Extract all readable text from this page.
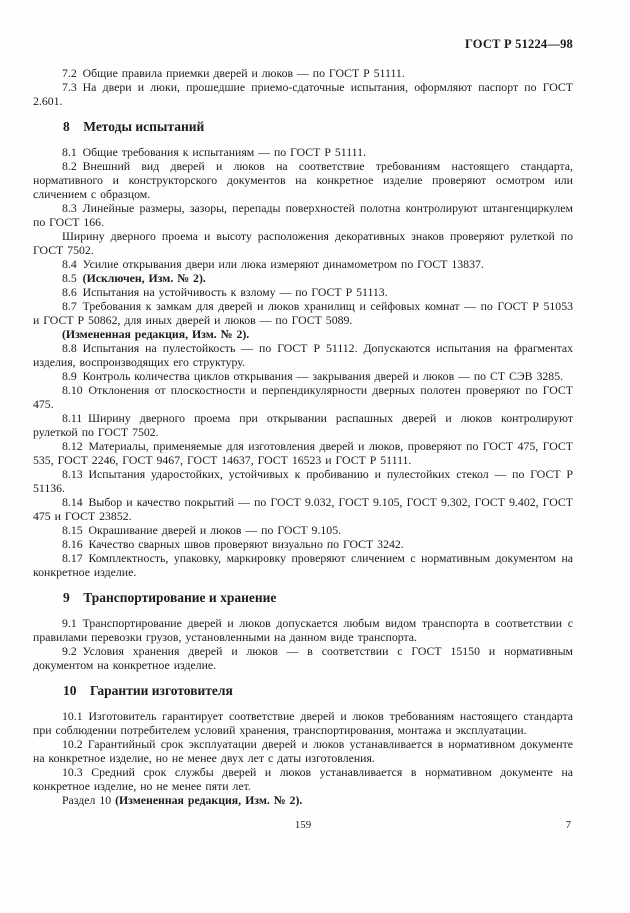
ГОСТ Р 51224—98

7.2 Общие правила приемки дверей и люков — по ГОСТ Р 51111.

7.3 На двери и люки, прошедшие приемо-сдаточные испытания, оформляют паспорт по ГОСТ 2.601.

8 Методы испытаний

8.1 Общие требования к испытаниям — по ГОСТ Р 51111.

8.2 Внешний вид дверей и люков на соответствие требованиям настоящего стандарта, нормативного и конструкторского документов на конкретное изделие проверяют осмотром или сличением с образцом.

8.3 Линейные размеры, зазоры, перепады поверхностей полотна контролируют штангенциркулем по ГОСТ 166.

Ширину дверного проема и высоту расположения декоративных знаков проверяют рулеткой по ГОСТ 7502.

8.4 Усилие открывания двери или люка измеряют динамометром по ГОСТ 13837.

8.5 (Исключен, Изм. № 2).

8.6 Испытания на устойчивость к взлому — по ГОСТ Р 51113.

8.7 Требования к замкам для дверей и люков хранилищ и сейфовых комнат — по ГОСТ Р 51053 и ГОСТ Р 50862, для иных дверей и люков — по ГОСТ 5089.

(Измененная редакция, Изм. № 2).

8.8 Испытания на пулестойкость — по ГОСТ Р 51112. Допускаются испытания на фрагментах изделия, воспроизводящих его структуру.

8.9 Контроль количества циклов открывания — закрывания дверей и люков — по СТ СЭВ 3285.

8.10 Отклонения от плоскостности и перпендикулярности дверных полотен проверяют по ГОСТ 475.

8.11 Ширину дверного проема при открывании распашных дверей и люков контролируют рулеткой по ГОСТ 7502.

8.12 Материалы, применяемые для изготовления дверей и люков, проверяют по ГОСТ 475, ГОСТ 535, ГОСТ 2246, ГОСТ 9467, ГОСТ 14637, ГОСТ 16523 и ГОСТ Р 51111.

8.13 Испытания ударостойких, устойчивых к пробиванию и пулестойких стекол — по ГОСТ Р 51136.

8.14 Выбор и качество покрытий — по ГОСТ 9.032, ГОСТ 9.105, ГОСТ 9.302, ГОСТ 9.402, ГОСТ 475 и ГОСТ 23852.

8.15 Окрашивание дверей и люков — по ГОСТ 9.105.

8.16 Качество сварных швов проверяют визуально по ГОСТ 3242.

8.17 Комплектность, упаковку, маркировку проверяют сличением с нормативным документом на конкретное изделие.

9 Транспортирование и хранение

9.1 Транспортирование дверей и люков допускается любым видом транспорта в соответствии с правилами перевозки грузов, установленными на данном виде транспорта.

9.2 Условия хранения дверей и люков — в соответствии с ГОСТ 15150 и нормативным документом на конкретное изделие.

10 Гарантии изготовителя

10.1 Изготовитель гарантирует соответствие дверей и люков требованиям настоящего стандарта при соблюдении потребителем условий хранения, транспортирования, монтажа и эксплуатации.

10.2 Гарантийный срок эксплуатации дверей и люков устанавливается в нормативном документе на конкретное изделие, но не менее двух лет с даты изготовления.

10.3 Средний срок службы дверей и люков устанавливается в нормативном документе на конкретное изделие, но не менее пяти лет.

Раздел 10 (Измененная редакция, Изм. № 2).

159	7
